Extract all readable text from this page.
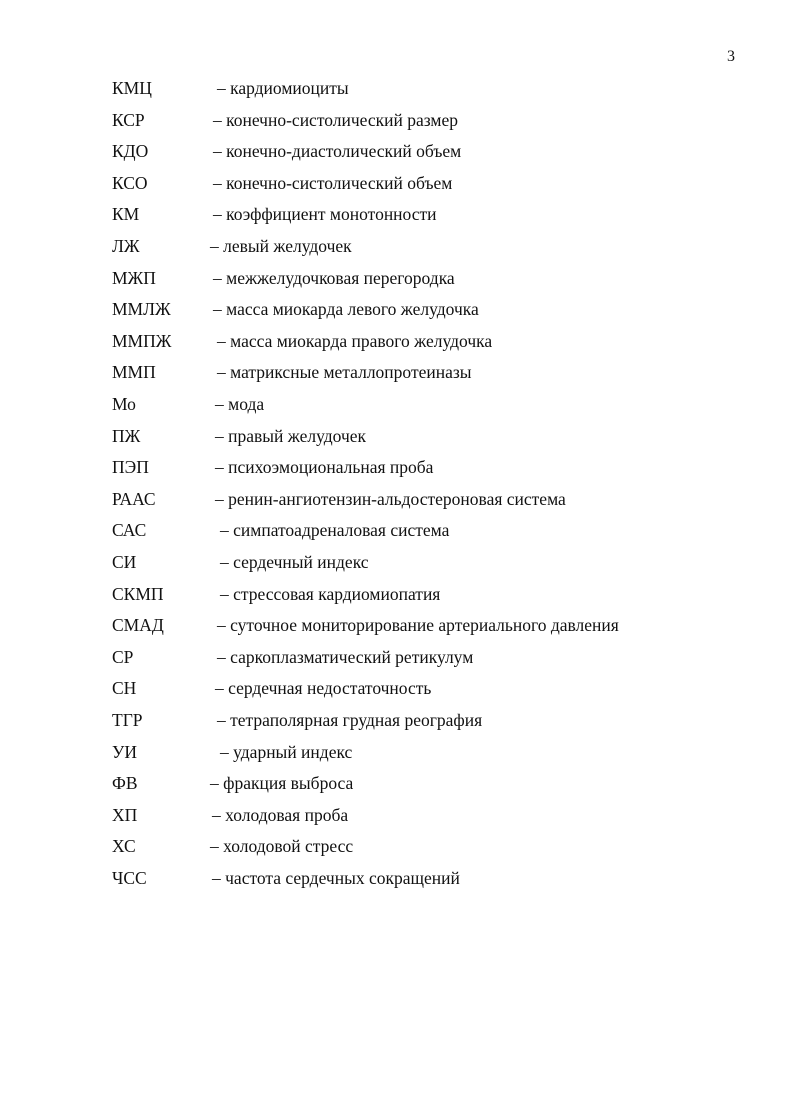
3
КМЦ	– кардиомиоциты
КСР	– конечно-систолический размер
КДО	– конечно-диастолический объем
КСО	– конечно-систолический объем
КМ	– коэффициент монотонности
ЛЖ	– левый желудочек
МЖП	– межжелудочковая перегородка
ММЛЖ – масса миокарда левого желудочка
ММПЖ	– масса миокарда правого желудочка
ММП	– матриксные металлопротеиназы
Мо	– мода
ПЖ	– правый желудочек
ПЭП	– психоэмоциональная проба
РААС	– ренин-ангиотензин-альдостероновая система
САС	– симпатоадреналовая система
СИ	– сердечный индекс
СКМП	– стрессовая кардиомиопатия
СМАД	– суточное мониторирование артериального давления
СР	– саркоплазматический ретикулум
СН	– сердечная недостаточность
ТГР	– тетраполярная грудная реография
УИ	– ударный индекс
ФВ	– фракция выброса
ХП	– холодовая проба
ХС	– холодовой стресс
ЧСС	– частота сердечных сокращений
